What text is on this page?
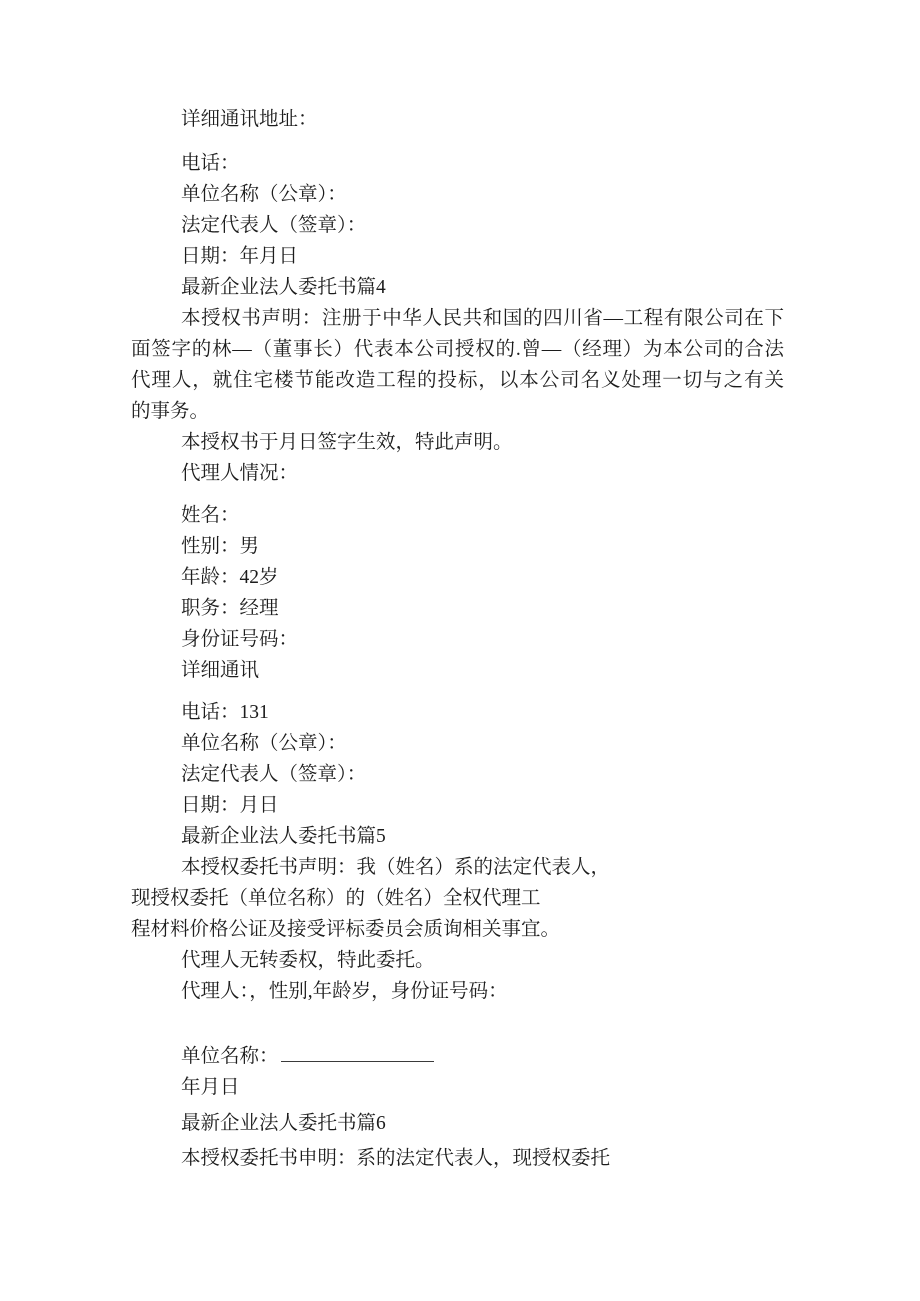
详细通讯地址：

电话：

单位名称（公章）：

法定代表人（签章）：

日期：年月日

最新企业法人委托书篇4

本授权书声明：注册于中华人民共和国的四川省—工程有限公司在下

面签字的林—（董事长）代表本公司授权的.曾—（经理）为本公司的合法

代理人，就住宅楼节能改造工程的投标，以本公司名义处理一切与之有关

的事务。

本授权书于月日签字生效，特此声明。

代理人情况：

姓名：

性别：男

年龄：42岁

职务：经理

身份证号码：

详细通讯

电话：131

单位名称（公章）：

法定代表人（签章）：

日期：月日

最新企业法人委托书篇5

本授权委托书声明：我（姓名）系的法定代表人，

现授权委托（单位名称）的（姓名）全权代理工

程材料价格公证及接受评标委员会质询相关事宜。

代理人无转委权，特此委托。

代理人：，性别,年龄岁，身份证号码：

单位名称：

年月日

最新企业法人委托书篇6

本授权委托书申明：系的法定代表人，现授权委托
